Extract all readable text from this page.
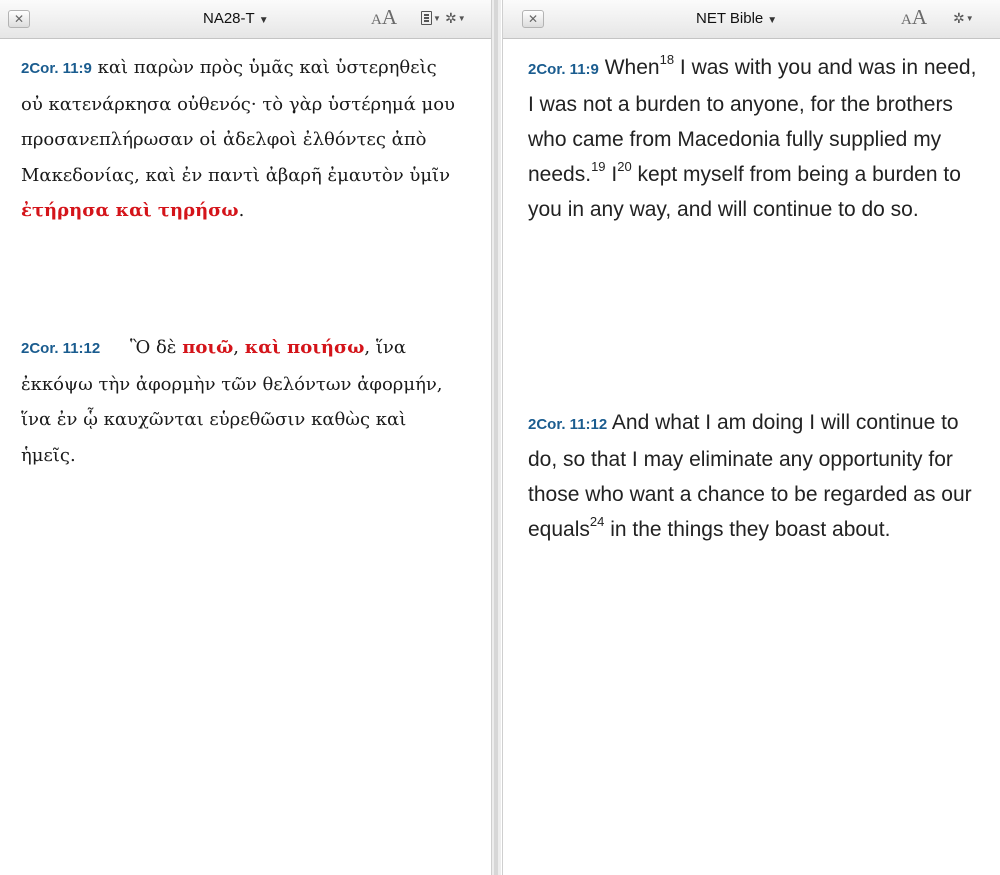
✕	NA28-T ▼	AA	▼ ✲ ▼
2Cor. 11:9 καὶ παρὼν πρὸς ὑμᾶς καὶ ὑστερηθεὶς οὐ κατενάρκησα οὐθενός· τὸ γὰρ ὑστέρημά μου προσανεπλήρωσαν οἱ ἀδελφοὶ ἐλθόντες ἀπὸ Μακεδονίας, καὶ ἐν παντὶ ἀβαρῆ ἐμαυτὸν ὑμῖν ἐτήρησα καὶ τηρήσω.
2Cor. 11:12 Ὃ δὲ ποιῶ, καὶ ποιήσω, ἵνα ἐκκόψω τὴν ἀφορμὴν τῶν θελόντων ἀφορμήν, ἵνα ἐν ᾧ καυχῶνται εὑρεθῶσιν καθὼς καὶ ἡμεῖς.
✕	NET Bible ▼	AA ✲ ▼
2Cor. 11:9 When$^{18}$ I was with you and was in need, I was not a burden to anyone, for the brothers who came from Macedonia fully supplied my needs.$^{19}$ $I^{20}$ kept myself from being a burden to you in any way, and will continue to do so.
2Cor. 11:12 And what I am doing I will continue to do, so that I may eliminate any opportunity for those who want a chance to be regarded as our equals$^{24}$ in the things they boast about.
